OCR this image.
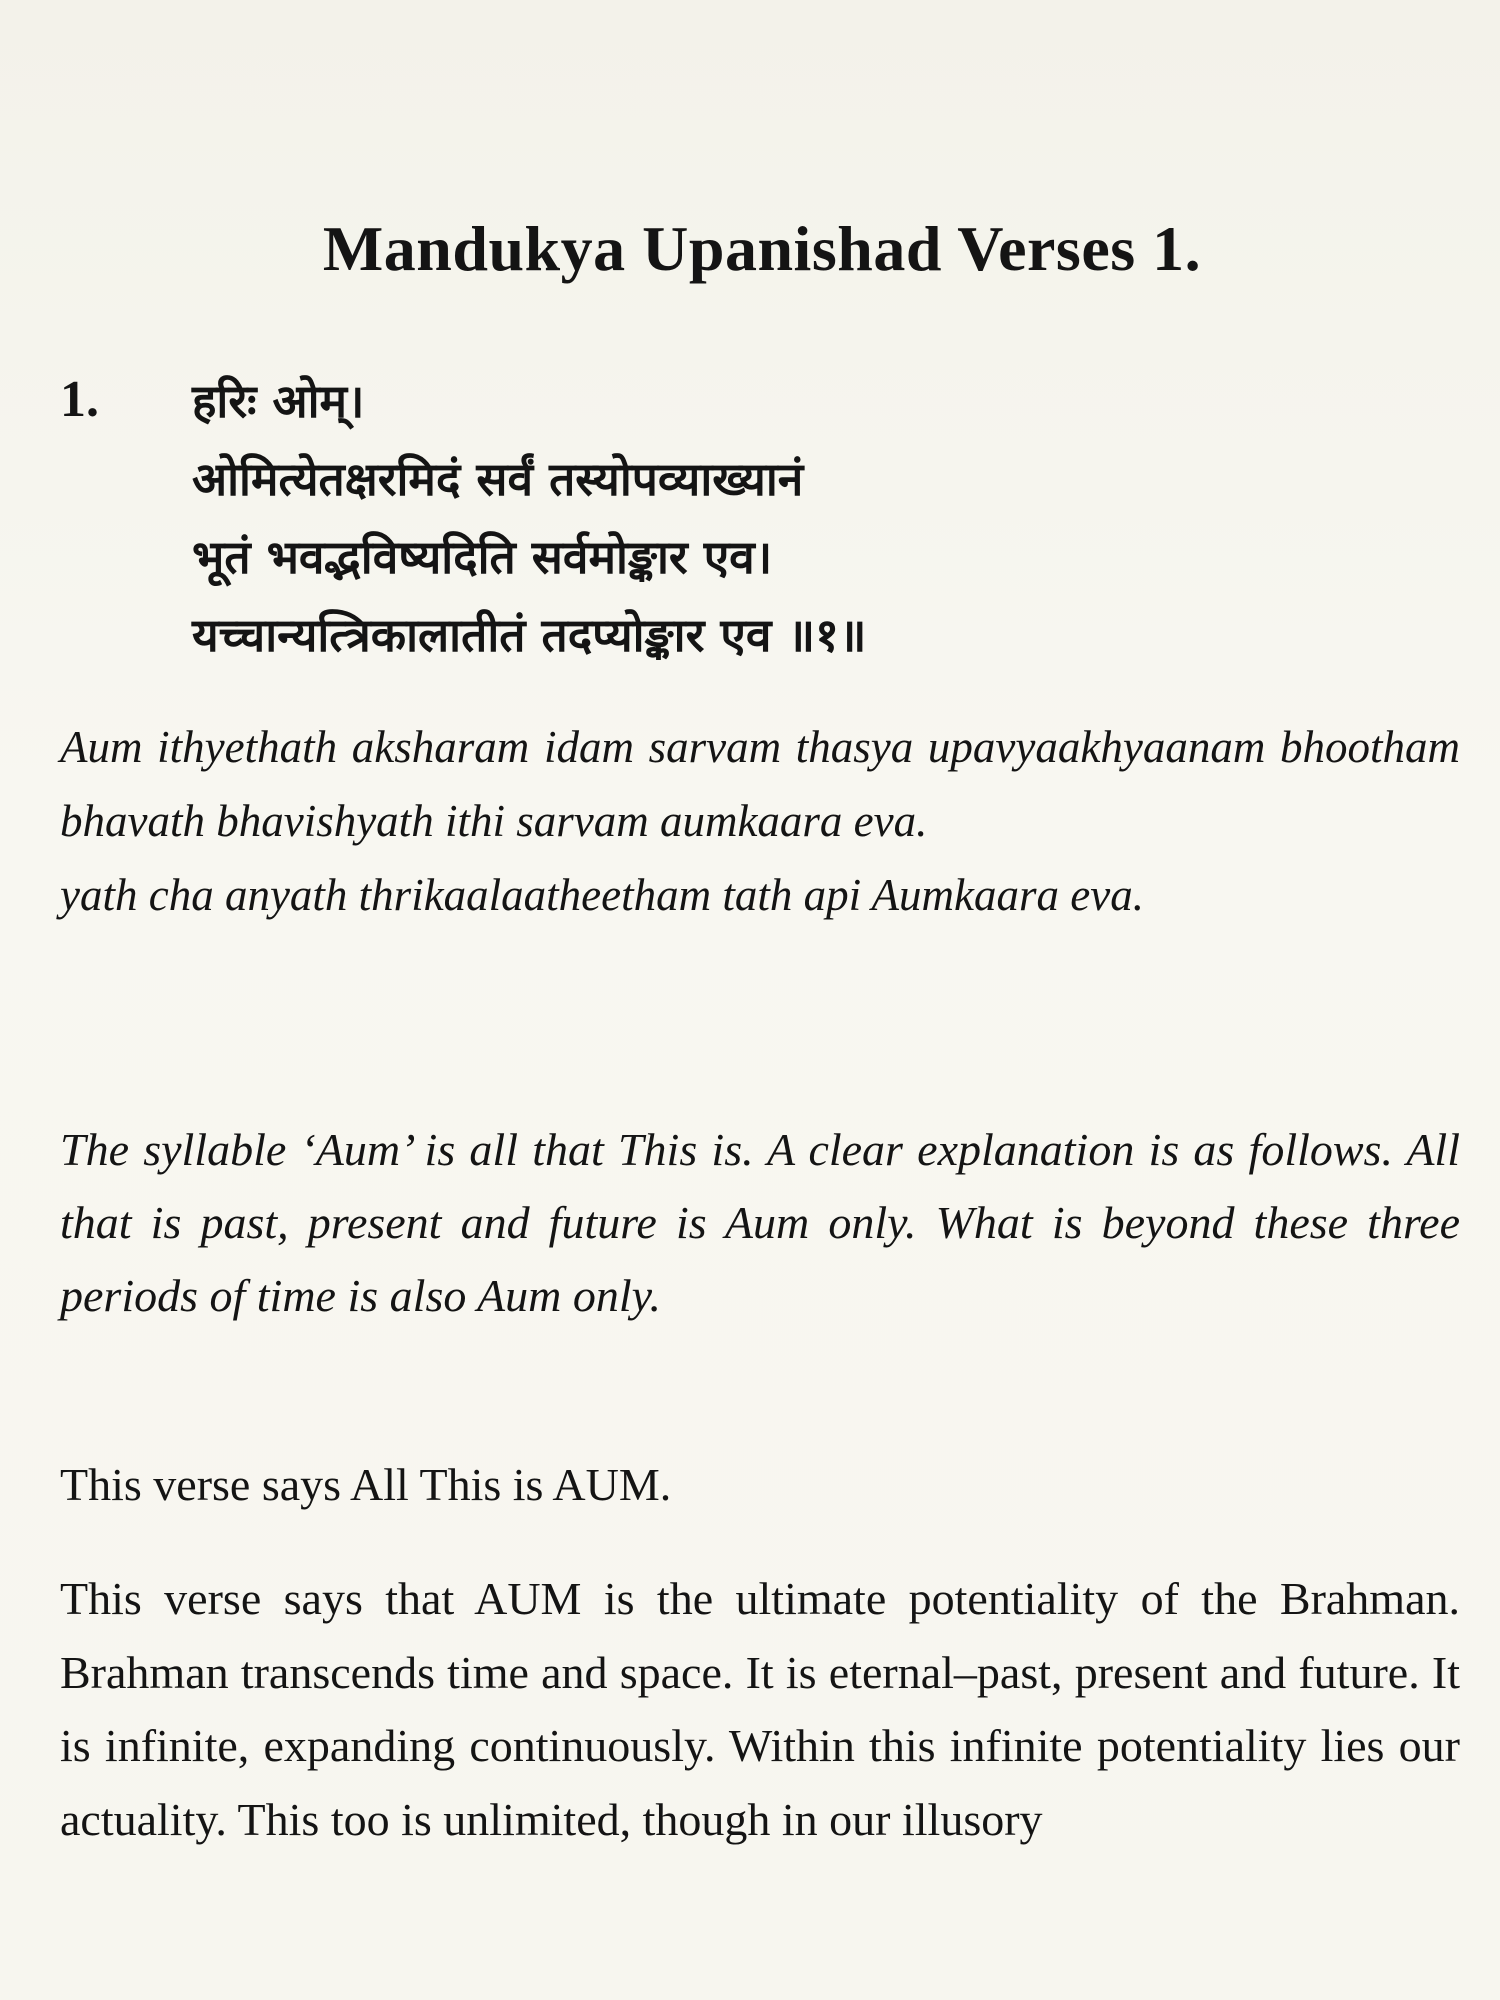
Mandukya Upanishad Verses 1.
1. हरिः ओम्।
ओमित्येतक्षरमिदं सर्वं तस्योपव्याख्यानं
भूतं भवद्भविष्यदिति सर्वमोङ्कार एव।
यच्चान्यत्त्रिकालातीतं तदप्योङ्कार एव ॥१॥

Aum ithyethath aksharam idam sarvam thasya upavyaakhyaanam bhootham bhavath bhavishyath ithi sarvam aumkaara eva.

yath cha anyath thrikaalaatheetham tath api Aumkaara eva.

The syllable ‘Aum’ is all that This is. A clear explanation is as follows. All that is past, present and future is Aum only. What is beyond these three periods of time is also Aum only.

This verse says All This is AUM.

This verse says that AUM is the ultimate potentiality of the Brahman. Brahman transcends time and space. It is eternal–past, present and future. It is infinite, expanding continuously. Within this infinite potentiality lies our actuality. This too is unlimited, though in our illusory
